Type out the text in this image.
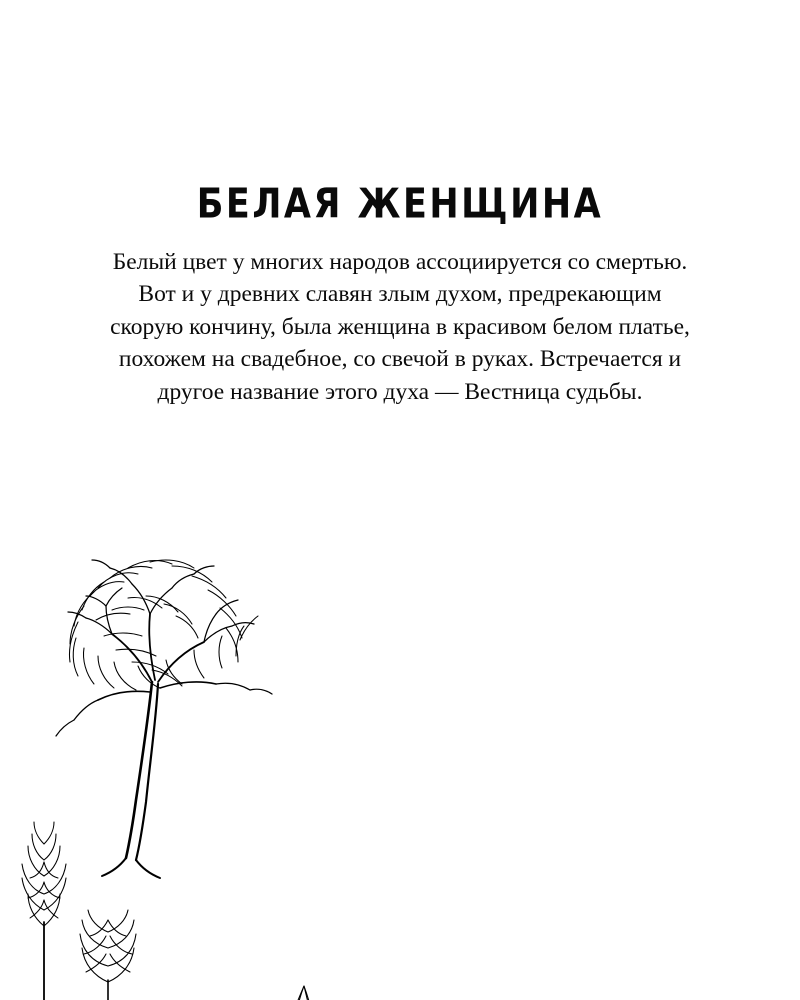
БЕЛАЯ ЖЕНЩИНА

Белый цвет у многих народов ассоциируется со смертью. Вот и у древних славян злым духом, предрекающим скорую кончину, была женщина в красивом белом платье, похожем на свадебное, со свечой в руках. Встречается и другое название этого духа — Вестница судьбы.
